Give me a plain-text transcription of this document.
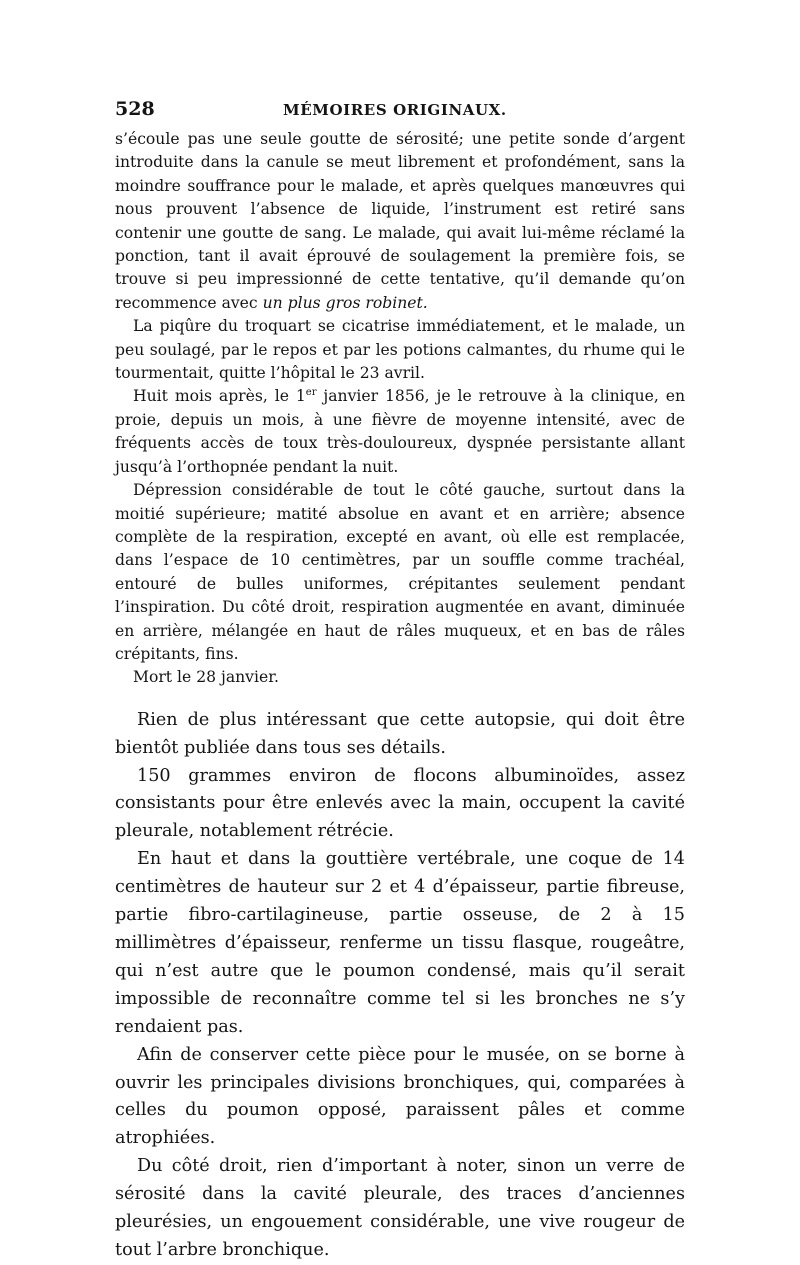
528	MÉMOIRES ORIGINAUX.

s’écoule pas une seule goutte de sérosité; une petite sonde d’argent introduite dans la canule se meut librement et profondément, sans la moindre souffrance pour le malade, et après quelques manœuvres qui nous prouvent l’absence de liquide, l’instrument est retiré sans contenir une goutte de sang. Le malade, qui avait lui-même réclamé la ponction, tant il avait éprouvé de soulagement la première fois, se trouve si peu impressionné de cette tentative, qu’il demande qu’on recommence avec un plus gros robinet.

La piqûre du troquart se cicatrise immédiatement, et le malade, un peu soulagé, par le repos et par les potions calmantes, du rhume qui le tourmentait, quitte l’hôpital le 23 avril.

Huit mois après, le 1er janvier 1856, je le retrouve à la clinique, en proie, depuis un mois, à une fièvre de moyenne intensité, avec de fréquents accès de toux très-douloureux, dyspnée persistante allant jusqu’à l’orthopnée pendant la nuit.

Dépression considérable de tout le côté gauche, surtout dans la moitié supérieure; matité absolue en avant et en arrière; absence complète de la respiration, excepté en avant, où elle est remplacée, dans l’espace de 10 centimètres, par un souffle comme trachéal, entouré de bulles uniformes, crépitantes seulement pendant l’inspiration. Du côté droit, respiration augmentée en avant, diminuée en arrière, mélangée en haut de râles muqueux, et en bas de râles crépitants, fins.

Mort le 28 janvier.

Rien de plus intéressant que cette autopsie, qui doit être bientôt publiée dans tous ses détails.

150 grammes environ de flocons albuminoïdes, assez consistants pour être enlevés avec la main, occupent la cavité pleurale, notablement rétrécie.

En haut et dans la gouttière vertébrale, une coque de 14 centimètres de hauteur sur 2 et 4 d’épaisseur, partie fibreuse, partie fibro-cartilagineuse, partie osseuse, de 2 à 15 millimètres d’épaisseur, renferme un tissu flasque, rougeâtre, qui n’est autre que le poumon condensé, mais qu’il serait impossible de reconnaître comme tel si les bronches ne s’y rendaient pas.

Afin de conserver cette pièce pour le musée, on se borne à ouvrir les principales divisions bronchiques, qui, comparées à celles du poumon opposé, paraissent pâles et comme atrophiées.

Du côté droit, rien d’important à noter, sinon un verre de sérosité dans la cavité pleurale, des traces d’anciennes pleurésies, un engouement considérable, une vive rougeur de tout l’arbre bronchique.
